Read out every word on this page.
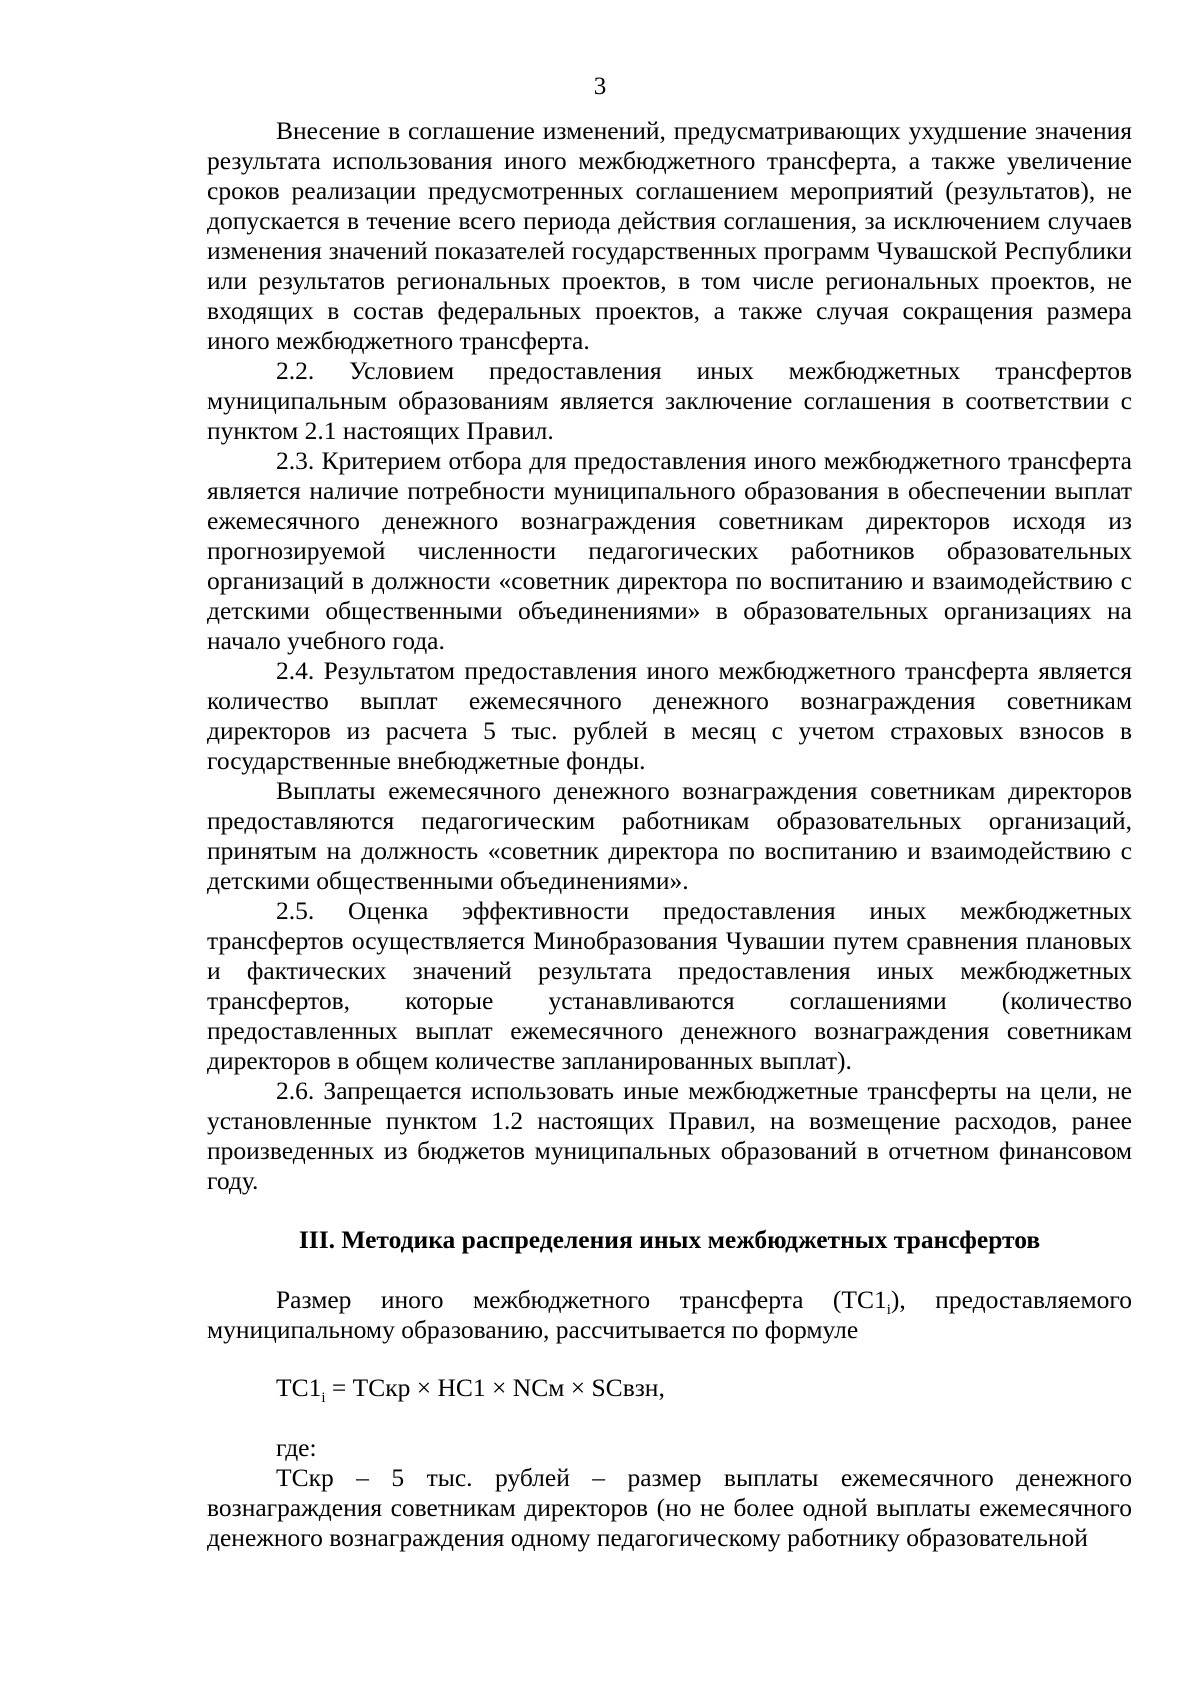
3

Внесение в соглашение изменений, предусматривающих ухудшение значения результата использования иного межбюджетного трансферта, а также увеличение сроков реализации предусмотренных соглашением мероприятий (результатов), не допускается в течение всего периода действия соглашения, за исключением случаев изменения значений показателей государственных программ Чувашской Республики или результатов региональных проектов, в том числе региональных проектов, не входящих в состав федеральных проектов, а также случая сокращения размера иного межбюджетного трансферта.

2.2. Условием предоставления иных межбюджетных трансфертов муниципальным образованиям является заключение соглашения в соответствии с пунктом 2.1 настоящих Правил.

2.3. Критерием отбора для предоставления иного межбюджетного трансферта является наличие потребности муниципального образования в обеспечении выплат ежемесячного денежного вознаграждения советникам директоров исходя из прогнозируемой численности педагогических работников образовательных организаций в должности «советник директора по воспитанию и взаимодействию с детскими общественными объединениями» в образовательных организациях на начало учебного года.

2.4. Результатом предоставления иного межбюджетного трансферта является количество выплат ежемесячного денежного вознаграждения советникам директоров из расчета 5 тыс. рублей в месяц с учетом страховых взносов в государственные внебюджетные фонды.

Выплаты ежемесячного денежного вознаграждения советникам директоров предоставляются педагогическим работникам образовательных организаций, принятым на должность «советник директора по воспитанию и взаимодействию с детскими общественными объединениями».

2.5. Оценка эффективности предоставления иных межбюджетных трансфертов осуществляется Минобразования Чувашии путем сравнения плановых и фактических значений результата предоставления иных межбюджетных трансфертов, которые устанавливаются соглашениями (количество предоставленных выплат ежемесячного денежного вознаграждения советникам директоров в общем количестве запланированных выплат).

2.6. Запрещается использовать иные межбюджетные трансферты на цели, не установленные пунктом 1.2 настоящих Правил, на возмещение расходов, ранее произведенных из бюджетов муниципальных образований в отчетном финансовом году.

III. Методика распределения иных межбюджетных трансфертов

Размер иного межбюджетного трансферта $(ТС1_i)$, предоставляемого муниципальному образованию, рассчитывается по формуле

$ТС1_i$ = ТСкр × НС1 × NСм × SСвзн,

где:

ТСкр – 5 тыс. рублей – размер выплаты ежемесячного денежного вознаграждения советникам директоров (но не более одной выплаты ежемесячного денежного вознаграждения одному педагогическому работнику образовательной
